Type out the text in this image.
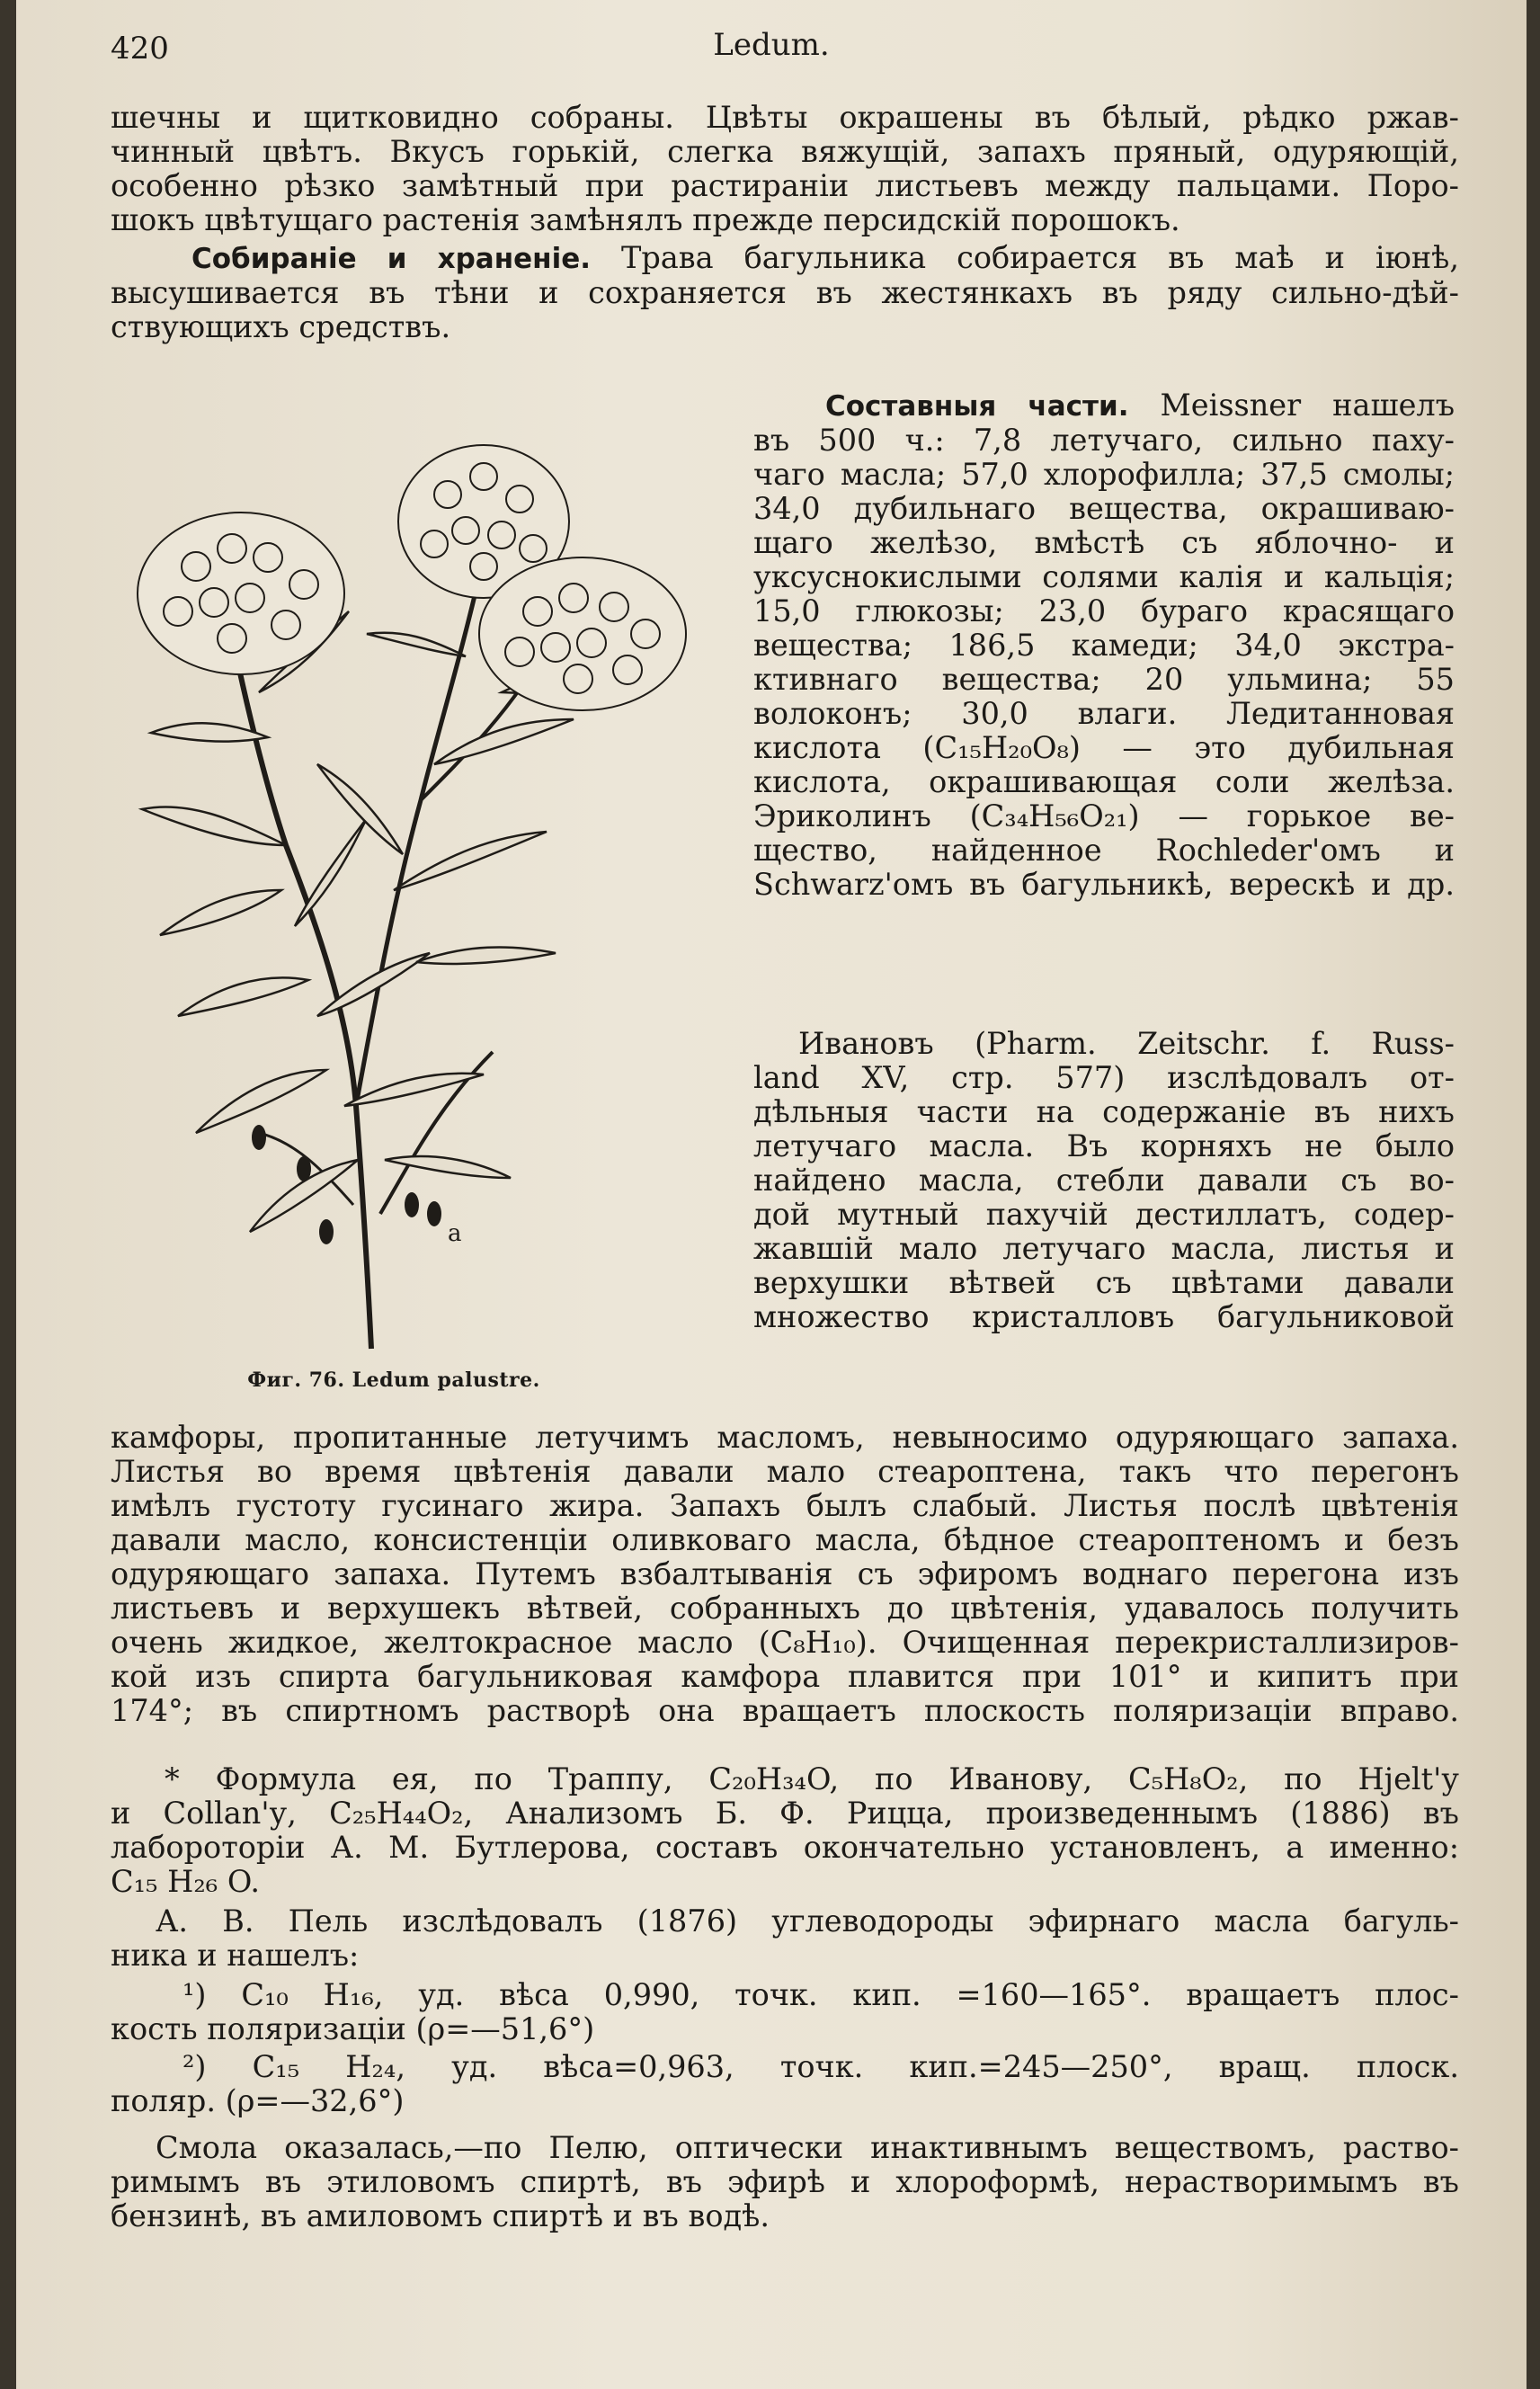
420	Ledum.
шечны и щитковидно собраны. Цвѣты окрашены въ бѣлый, рѣдко ржав-
чинный цвѣтъ. Вкусъ горькій, слегка вяжущій, запахъ пряный, одуряющій,
особенно рѣзко замѣтный при растираніи листьевъ между пальцами. Поро-
шокъ цвѣтущаго растенія замѣнялъ прежде персидскій порошокъ.
Собираніе и храненіе. Трава багульника собирается въ маѣ и іюнѣ,
высушивается въ тѣни и сохраняется въ жестянкахъ въ ряду сильно-дѣй-
ствующихъ средствъ.
a
Фиг. 76. Ledum palustre.
Составныя части. Meissner нашелъ
въ 500 ч.: 7,8 летучаго, сильно паху-
чаго масла; 57,0 хлорофилла; 37,5 смолы;
34,0 дубильнаго вещества, окрашиваю-
щаго желѣзо, вмѣстѣ съ яблочно- и
уксуснокислыми солями калія и кальція;
15,0 глюкозы; 23,0 бураго красящаго
вещества; 186,5 камеди; 34,0 экстра-
ктивнаго вещества; 20 ульмина; 55
волоконъ; 30,0 влаги. Ледитанновая
кислота (C₁₅H₂₀O₈) — это дубильная
кислота, окрашивающая соли желѣза.
Эриколинъ (C₃₄H₅₆O₂₁) — горькое ве-
щество, найденное Rochleder'омъ и
Schwarz'омъ въ багульникѣ, верескѣ и др.
Ивановъ (Pharm. Zeitschr. f. Russ-
land XV, стр. 577) изслѣдовалъ от-
дѣльныя части на содержаніе въ нихъ
летучаго масла. Въ корняхъ не было
найдено масла, стебли давали съ во-
дой мутный пахучій дестиллатъ, содер-
жавшій мало летучаго масла, листья и
верхушки вѣтвей съ цвѣтами давали
множество кристалловъ багульниковой
камфоры, пропитанные летучимъ масломъ, невыносимо одуряющаго запаха.
Листья во время цвѣтенія давали мало стеароптена, такъ что перегонъ
имѣлъ густоту гусинаго жира. Запахъ былъ слабый. Листья послѣ цвѣтенія
давали масло, консистенціи оливковаго масла, бѣдное стеароптеномъ и безъ
одуряющаго запаха. Путемъ взбалтыванія съ эфиромъ воднаго перегона изъ
листьевъ и верхушекъ вѣтвей, собранныхъ до цвѣтенія, удавалось получить
очень жидкое, желтокрасное масло (C₈H₁₀). Очищенная перекристаллизиров-
кой изъ спирта багульниковая камфора плавится при 101° и кипитъ при
174°; въ спиртномъ растворѣ она вращаетъ плоскость поляризаціи вправо.
* Формула ея, по Траппу, C₂₀H₃₄O, по Иванову, C₅H₈O₂, по Hjelt'у
и Collan'у, C₂₅H₄₄O₂, Анализомъ Б. Ф. Рицца, произведеннымъ (1886) въ
лабороторіи А. М. Бутлерова, составъ окончательно установленъ, а именно:
C₁₅ H₂₆ O.
А. В. Пель изслѣдовалъ (1876) углеводороды эфирнаго масла багуль-
ника и нашелъ:
¹) C₁₀ H₁₆, уд. вѣса 0,990, точк. кип. =160—165°. вращаетъ плос-
кость поляризаціи (ρ=—51,6°)
²) C₁₅ H₂₄, уд. вѣса=0,963, точк. кип.=245—250°, вращ. плоск.
поляр. (ρ=—32,6°)
Смола оказалась,—по Пелю, оптически инактивнымъ веществомъ, раство-
римымъ въ этиловомъ спиртѣ, въ эфирѣ и хлороформѣ, нерастворимымъ въ
бензинѣ, въ амиловомъ спиртѣ и въ водѣ.
